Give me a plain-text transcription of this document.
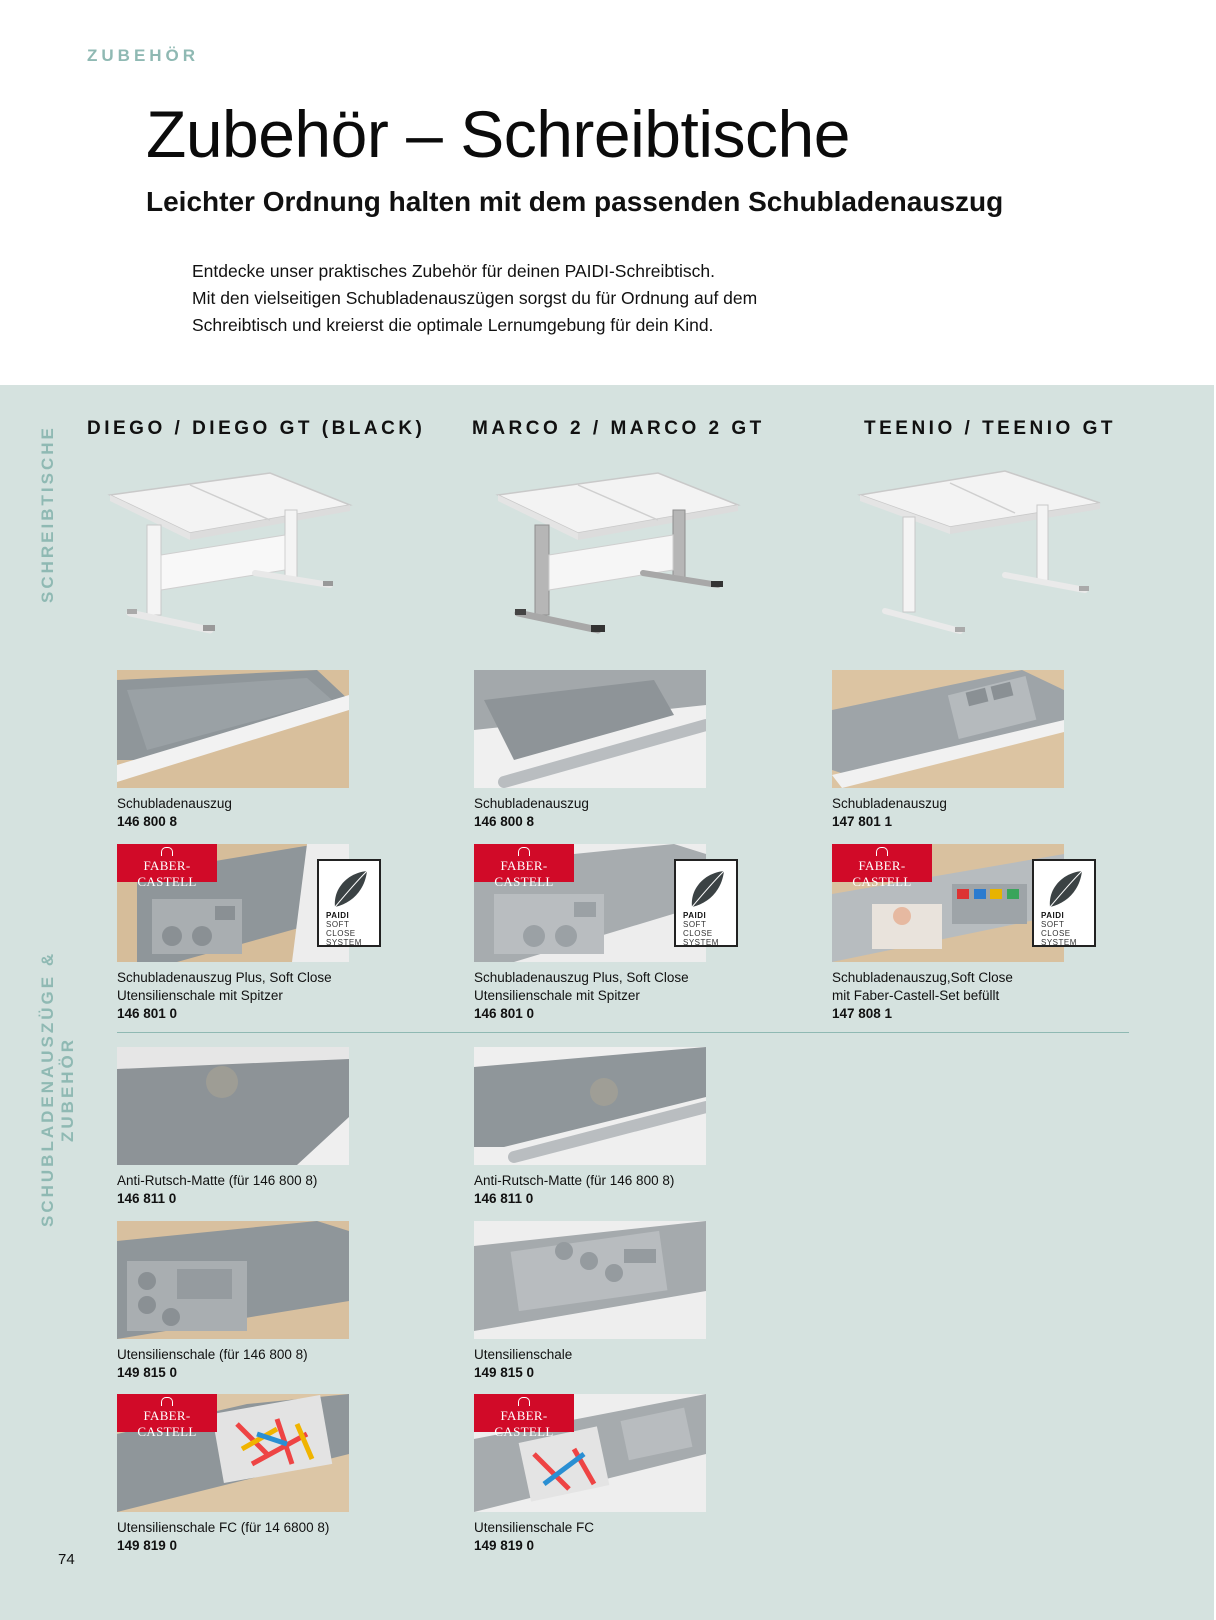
ZUBEHÖR
Zubehör – Schreibtische
Leichter Ordnung halten mit dem passenden Schubladenauszug

Entdecke unser praktisches Zubehör für deinen PAIDI-Schreibtisch.

Mit den vielseitigen Schubladenauszügen sorgst du für Ordnung auf dem

Schreibtisch und kreierst die optimale Lernumgebung für dein Kind.

SCHREIBTISCHE
SCHUBLADENAUSZÜGE & ZUBEHÖR
DIEGO / DIEGO GT (BLACK) MARCO 2 / MARCO 2 GT	TEENIO / TEENIO GT
Schubladenauszug
146 800 8
Schubladenauszug
146 800 8
Schubladenauszug
147 801 1
FABER-CASTELL
PAIDI
SOFT
CLOSE
SYSTEM
Schubladenauszug Plus, Soft Close
Utensilienschale mit Spitzer
146 801 0
FABER-CASTELL
PAIDI
SOFT
CLOSE
SYSTEM
Schubladenauszug Plus, Soft Close
Utensilienschale mit Spitzer
146 801 0
FABER-CASTELL
PAIDI
SOFT
CLOSE
SYSTEM
Schubladenauszug,Soft Close
mit Faber-Castell-Set befüllt
147 808 1
Anti-Rutsch-Matte (für 146 800 8)
146 811 0
Anti-Rutsch-Matte (für 146 800 8)
146 811 0
Utensilienschale (für 146 800 8)
149 815 0
Utensilienschale
149 815 0
FABER-CASTELL
Utensilienschale FC (für 14 6800 8)
149 819 0
FABER-CASTELL
Utensilienschale FC
149 819 0
74
